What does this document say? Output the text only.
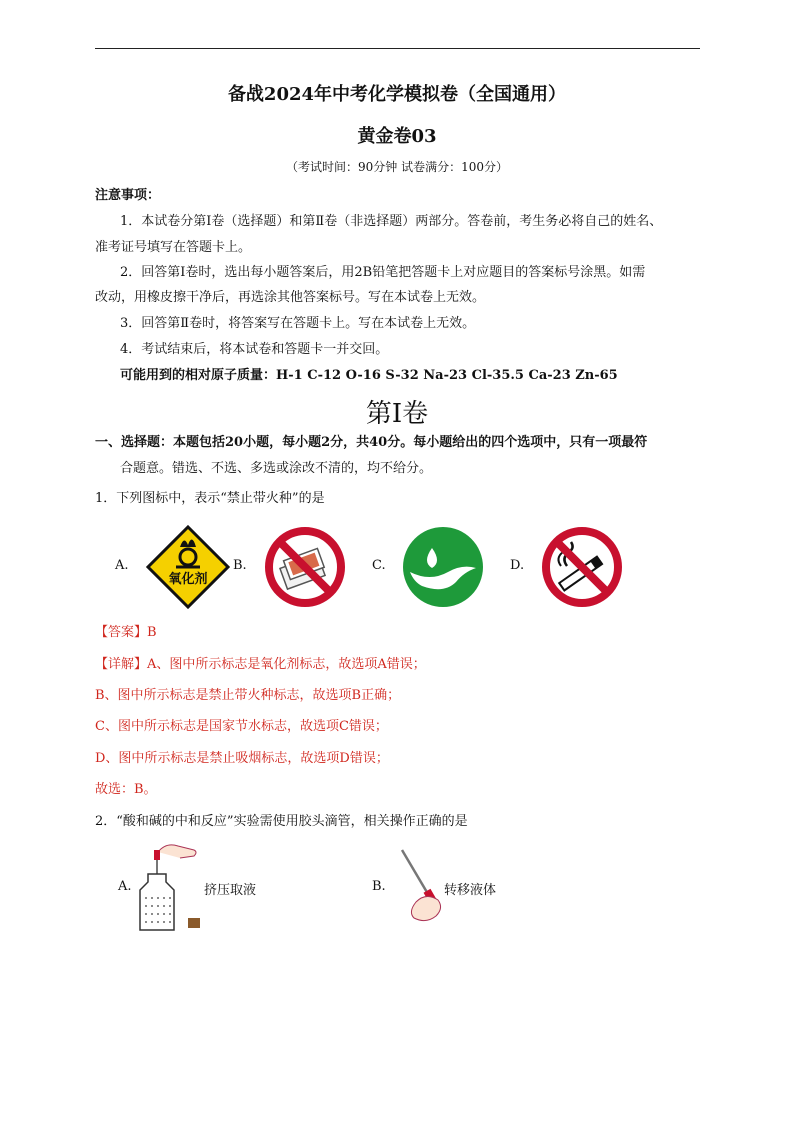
备战2024年中考化学模拟卷（全国通用）
黄金卷03
（考试时间：90分钟 试卷满分：100分）
注意事项：
1．本试卷分第Ⅰ卷（选择题）和第Ⅱ卷（非选择题）两部分。答卷前，考生务必将自己的姓名、
准考证号填写在答题卡上。
2．回答第Ⅰ卷时，选出每小题答案后，用2B铅笔把答题卡上对应题目的答案标号涂黑。如需
改动，用橡皮擦干净后，再选涂其他答案标号。写在本试卷上无效。
3．回答第Ⅱ卷时，将答案写在答题卡上。写在本试卷上无效。
4．考试结束后，将本试卷和答题卡一并交回。
可能用到的相对原子质量：H-1 C-12 O-16 S-32 Na-23 Cl-35.5 Ca-23 Zn-65
第Ⅰ卷
一、选择题：本题包括20小题，每小题2分，共40分。每小题给出的四个选项中，只有一项最符
合题意。错选、不选、多选或涂改不清的，均不给分。
1．下列图标中，表示“禁止带火种”的是
A.
氧化剂
B.	C.	D.
【答案】B
【详解】A、图中所示标志是氧化剂标志，故选项A错误；
B、图中所示标志是禁止带火种标志，故选项B正确；
C、图中所示标志是国家节水标志，故选项C错误；
D、图中所示标志是禁止吸烟标志，故选项D错误；
故选：B。
2．“酸和碱的中和反应”实验需使用胶头滴管，相关操作正确的是
A.	挤压取液	B.	转移液体
